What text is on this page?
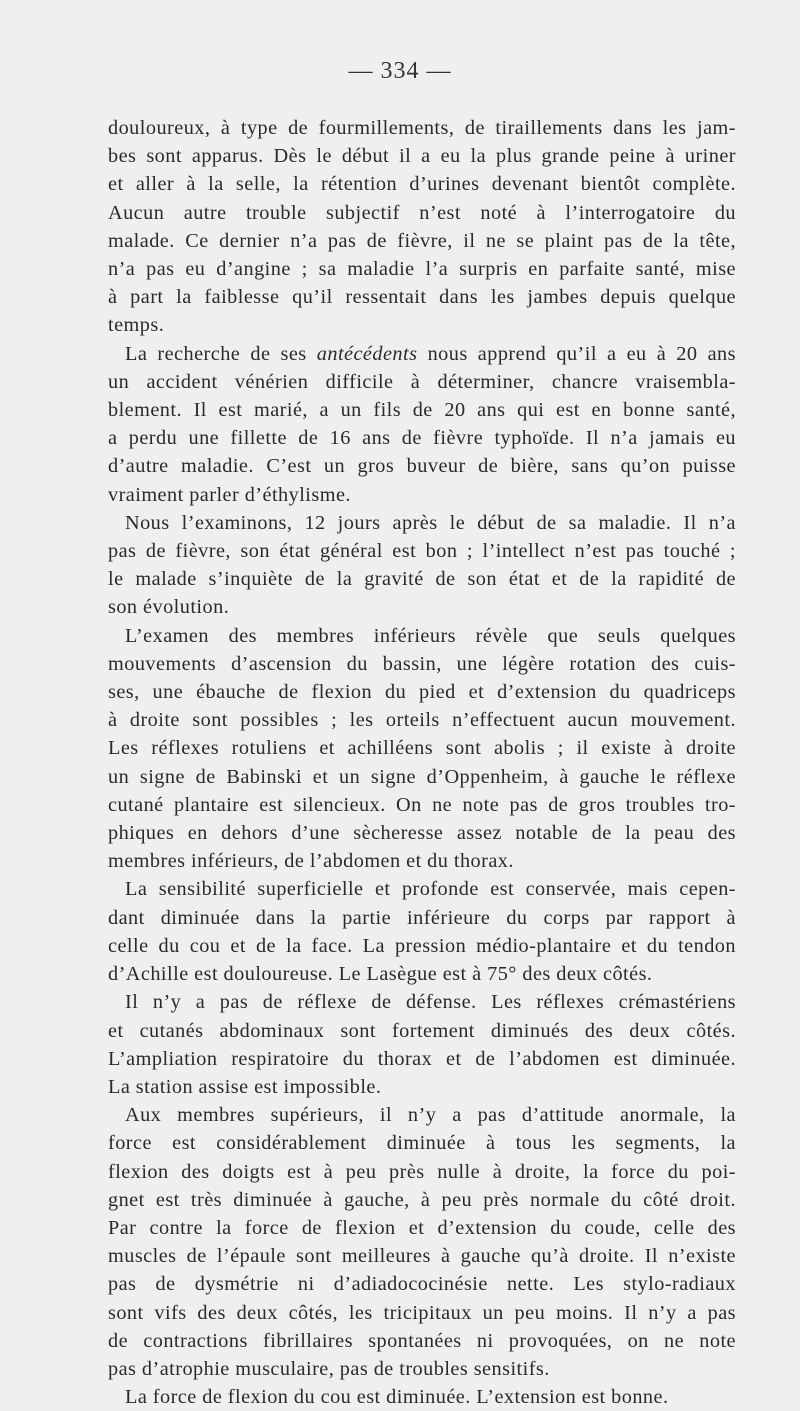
— 334 —
douloureux, à type de fourmillements, de tiraillements dans les jam-
bes sont apparus. Dès le début il a eu la plus grande peine à uriner
et aller à la selle, la rétention d’urines devenant bientôt complète.
Aucun autre trouble subjectif n’est noté à l’interrogatoire du
malade. Ce dernier n’a pas de fièvre, il ne se plaint pas de la tête,
n’a pas eu d’angine ; sa maladie l’a surpris en parfaite santé, mise
à part la faiblesse qu’il ressentait dans les jambes depuis quelque
temps.
La recherche de ses antécédents nous apprend qu’il a eu à 20 ans
un accident vénérien difficile à déterminer, chancre vraisembla-
blement. Il est marié, a un fils de 20 ans qui est en bonne santé,
a perdu une fillette de 16 ans de fièvre typhoïde. Il n’a jamais eu
d’autre maladie. C’est un gros buveur de bière, sans qu’on puisse
vraiment parler d’éthylisme.
Nous l’examinons, 12 jours après le début de sa maladie. Il n’a
pas de fièvre, son état général est bon ; l’intellect n’est pas touché ;
le malade s’inquiète de la gravité de son état et de la rapidité de
son évolution.
L’examen des membres inférieurs révèle que seuls quelques
mouvements d’ascension du bassin, une légère rotation des cuis-
ses, une ébauche de flexion du pied et d’extension du quadriceps
à droite sont possibles ; les orteils n’effectuent aucun mouvement.
Les réflexes rotuliens et achilléens sont abolis ; il existe à droite
un signe de Babinski et un signe d’Oppenheim, à gauche le réflexe
cutané plantaire est silencieux. On ne note pas de gros troubles tro-
phiques en dehors d’une sècheresse assez notable de la peau des
membres inférieurs, de l’abdomen et du thorax.
La sensibilité superficielle et profonde est conservée, mais cepen-
dant diminuée dans la partie inférieure du corps par rapport à
celle du cou et de la face. La pression médio-plantaire et du tendon
d’Achille est douloureuse. Le Lasègue est à 75° des deux côtés.
Il n’y a pas de réflexe de défense. Les réflexes crémastériens
et cutanés abdominaux sont fortement diminués des deux côtés.
L’ampliation respiratoire du thorax et de l’abdomen est diminuée.
La station assise est impossible.
Aux membres supérieurs, il n’y a pas d’attitude anormale, la
force est considérablement diminuée à tous les segments, la
flexion des doigts est à peu près nulle à droite, la force du poi-
gnet est très diminuée à gauche, à peu près normale du côté droit.
Par contre la force de flexion et d’extension du coude, celle des
muscles de l’épaule sont meilleures à gauche qu’à droite. Il n’existe
pas de dysmétrie ni d’adiadococinésie nette. Les stylo-radiaux
sont vifs des deux côtés, les tricipitaux un peu moins. Il n’y a pas
de contractions fibrillaires spontanées ni provoquées, on ne note
pas d’atrophie musculaire, pas de troubles sensitifs.
La force de flexion du cou est diminuée. L’extension est bonne.
